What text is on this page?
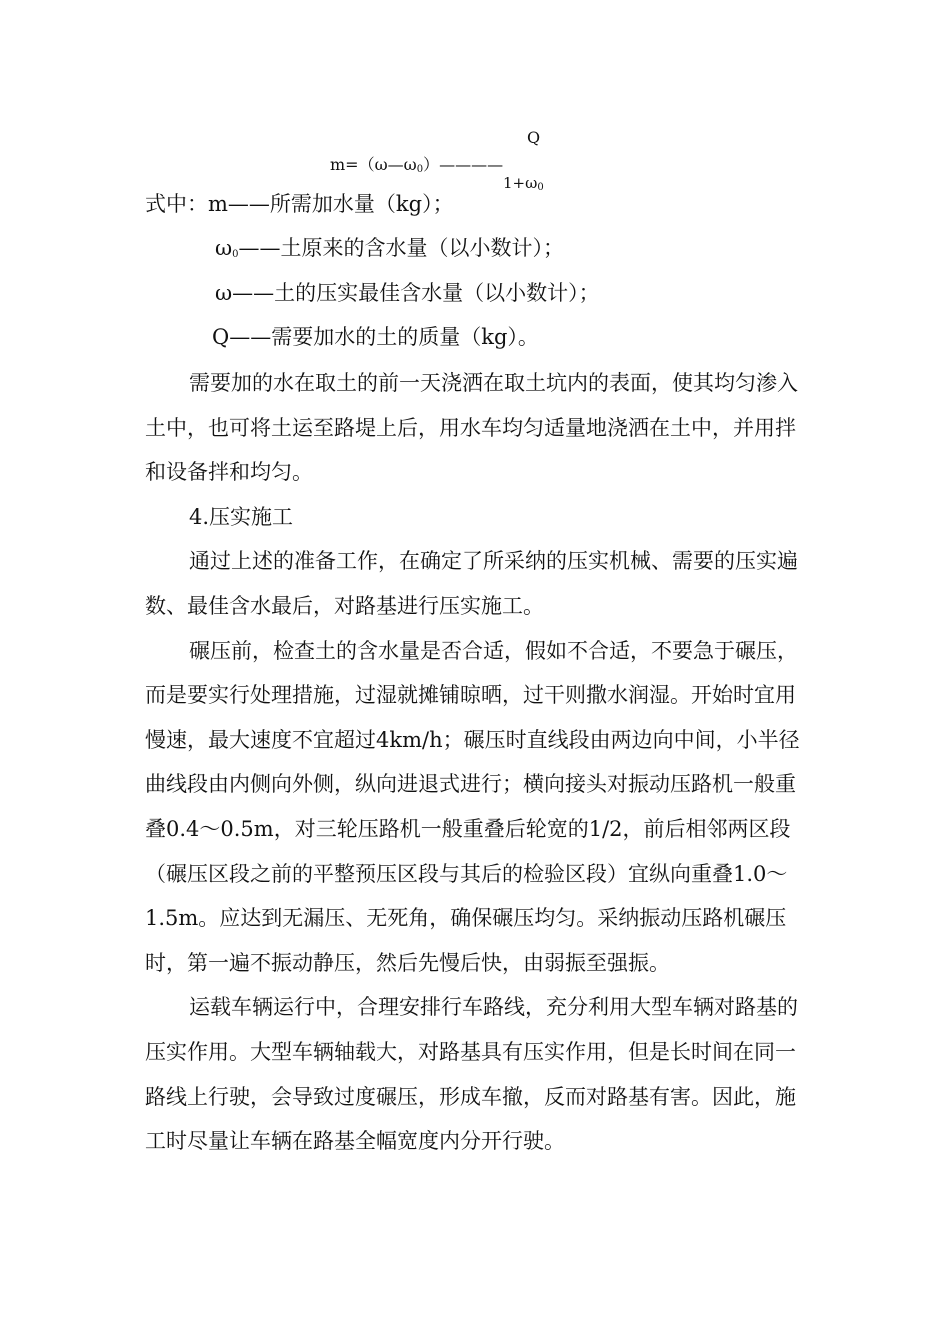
Q
$m=(\omega—\omega_0)————$
$1+\omega_0$
式中：m——所需加水量（kg）；
$\omega_0——$土原来的含水量（以小数计）；
ω——土的压实最佳含水量（以小数计）；
Q——需要加水的土的质量（kg）。

需要加的水在取土的前一天浇洒在取土坑内的表面，使其均匀渗入土中，也可将土运至路堤上后，用水车均匀适量地浇洒在土中，并用拌和设备拌和均匀。

4.压实施工

通过上述的准备工作，在确定了所采纳的压实机械、需要的压实遍数、最佳含水最后，对路基进行压实施工。

碾压前，检查土的含水量是否合适，假如不合适，不要急于碾压，而是要实行处理措施，过湿就摊铺晾晒，过干则撒水润湿。开始时宜用慢速，最大速度不宜超过4km/h；碾压时直线段由两边向中间，小半径曲线段由内侧向外侧，纵向进退式进行；横向接头对振动压路机一般重叠0.4～0.5m，对三轮压路机一般重叠后轮宽的1/2，前后相邻两区段（碾压区段之前的平整预压区段与其后的检验区段）宜纵向重叠1.0～1.5m。应达到无漏压、无死角，确保碾压均匀。采纳振动压路机碾压时，第一遍不振动静压，然后先慢后快，由弱振至强振。

运载车辆运行中，合理安排行车路线，充分利用大型车辆对路基的压实作用。大型车辆轴载大，对路基具有压实作用，但是长时间在同一路线上行驶，会导致过度碾压，形成车撤，反而对路基有害。因此，施工时尽量让车辆在路基全幅宽度内分开行驶。
